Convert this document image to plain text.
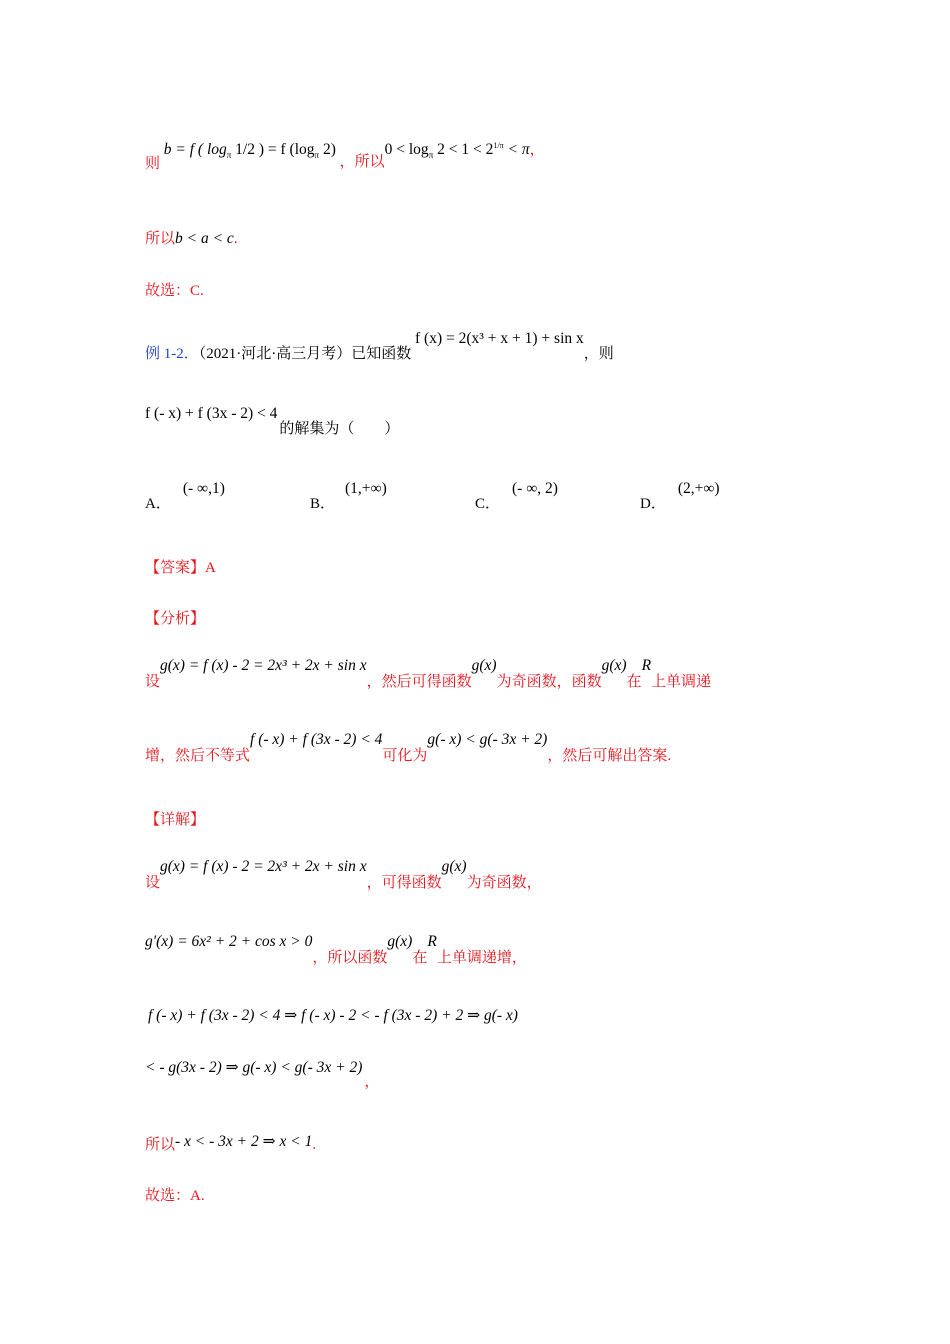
则 b = f ( $\log_\pi 1/2$ ) = f ($\log_\pi$ 2) ，所以$0 < \log_\pi 2 < 1 < 2^{1/\pi} < \pi$，
所以b < a < c.
故选：C.
例 1-2．（2021·河北·高三月考）已知函数 f (x) = 2(x³ + x + 1) + sin x，则
f (- x) + f (3x - 2) < 4的解集为（　　）
A．(- ∞,1)
B．(1,+∞)
C．(- ∞, 2)
D．(2,+∞)
【答案】A
【分析】
设g(x) = f (x) - 2 = 2x³ + 2x + sin x，然后可得函数g(x)为奇函数，函数g(x)在R上单调递
增，然后不等式f (- x) + f (3x - 2) < 4可化为g(- x) < g(- 3x + 2)，然后可解出答案.
【详解】
设g(x) = f (x) - 2 = 2x³ + 2x + sin x，可得函数g(x)为奇函数，
g′(x) = 6x² + 2 + cos x > 0，所以函数g(x)在R上单调递增，
f (- x) + f (3x - 2) < 4 ⇒ f (- x) - 2 < - f (3x - 2) + 2 ⇒ g(- x)
< - g(3x - 2) ⇒ g(- x) < g(- 3x + 2)，
所以- x < - 3x + 2 ⇒ x < 1.
故选：A.
